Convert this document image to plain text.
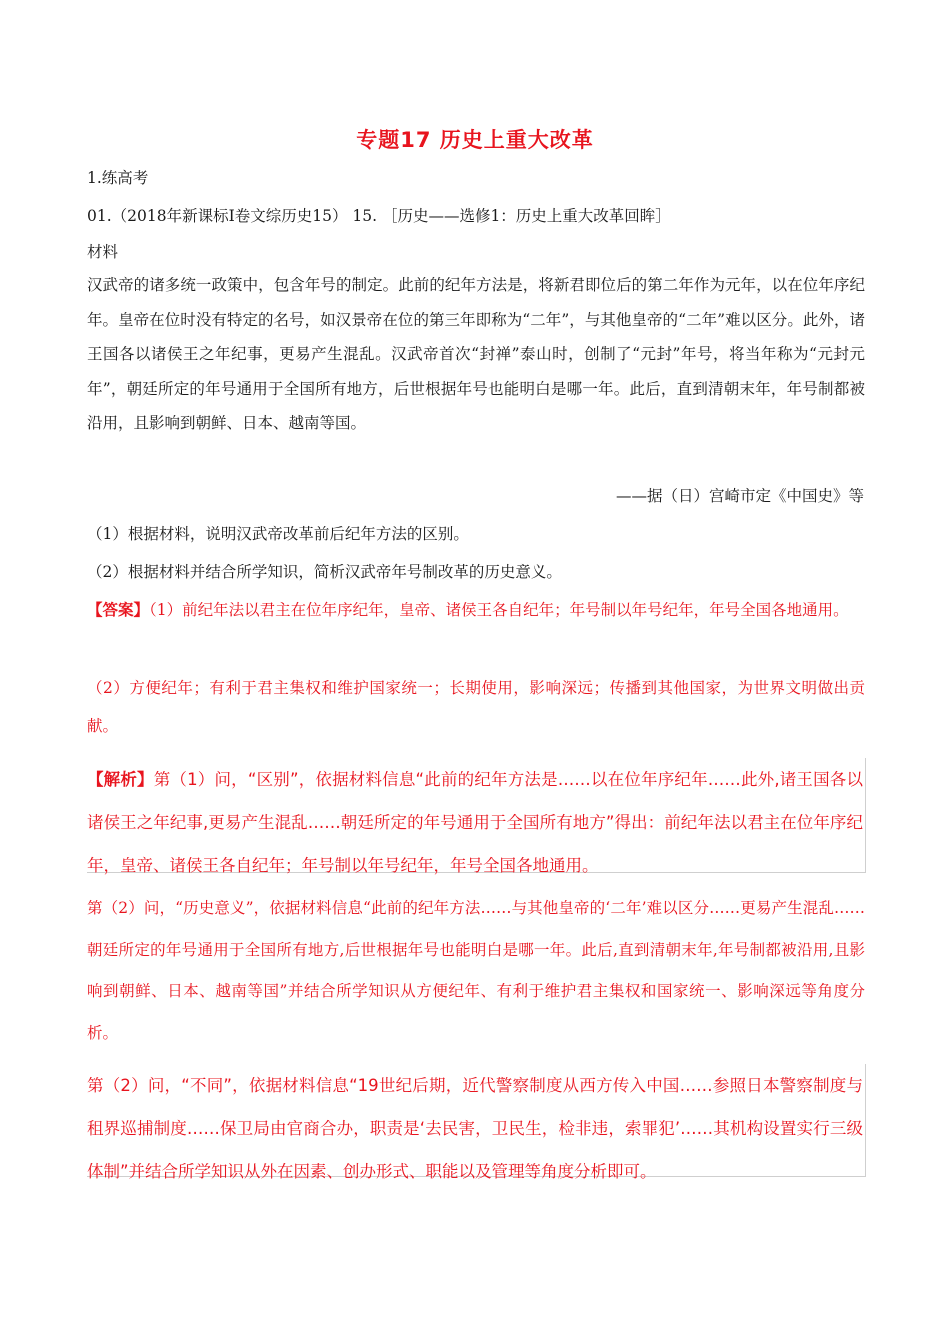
专题17 历史上重大改革
1.练高考
01.（2018年新课标Ⅰ卷文综历史15） 15. ［历史——选修1：历史上重大改革回眸］
材料
汉武帝的诸多统一政策中，包含年号的制定。此前的纪年方法是，将新君即位后的第二年作为元年，以在位年序纪年。皇帝在位时没有特定的名号，如汉景帝在位的第三年即称为“二年”，与其他皇帝的“二年”难以区分。此外，诸王国各以诸侯王之年纪事，更易产生混乱。汉武帝首次“封禅”泰山时，创制了“元封”年号，将当年称为“元封元年”，朝廷所定的年号通用于全国所有地方，后世根据年号也能明白是哪一年。此后，直到清朝末年，年号制都被沿用，且影响到朝鲜、日本、越南等国。
——据（日）宫崎市定《中国史》等
（1）根据材料，说明汉武帝改革前后纪年方法的区别。
（2）根据材料并结合所学知识，简析汉武帝年号制改革的历史意义。
【答案】（1）前纪年法以君主在位年序纪年，皇帝、诸侯王各自纪年；年号制以年号纪年，年号全国各地通用。
（2）方便纪年；有利于君主集权和维护国家统一；长期使用，影响深远；传播到其他国家，为世界文明做出贡献。
【解析】第（1）问，“区别”，依据材料信息“此前的纪年方法是……以在位年序纪年……此外,诸王国各以诸侯王之年纪事,更易产生混乱……朝廷所定的年号通用于全国所有地方”得出：前纪年法以君主在位年序纪年，皇帝、诸侯王各自纪年；年号制以年号纪年，年号全国各地通用。
第（2）问，“历史意义”，依据材料信息“此前的纪年方法……与其他皇帝的‘二年’难以区分……更易产生混乱……朝廷所定的年号通用于全国所有地方,后世根据年号也能明白是哪一年。此后,直到清朝末年,年号制都被沿用,且影响到朝鲜、日本、越南等国”并结合所学知识从方便纪年、有利于维护君主集权和国家统一、影响深远等角度分析。
第（2）问，“不同”，依据材料信息“19世纪后期，近代警察制度从西方传入中国……参照日本警察制度与租界巡捕制度……保卫局由官商合办，职责是‘去民害，卫民生，检非违，索罪犯’……其机构设置实行三级体制”并结合所学知识从外在因素、创办形式、职能以及管理等角度分析即可。
